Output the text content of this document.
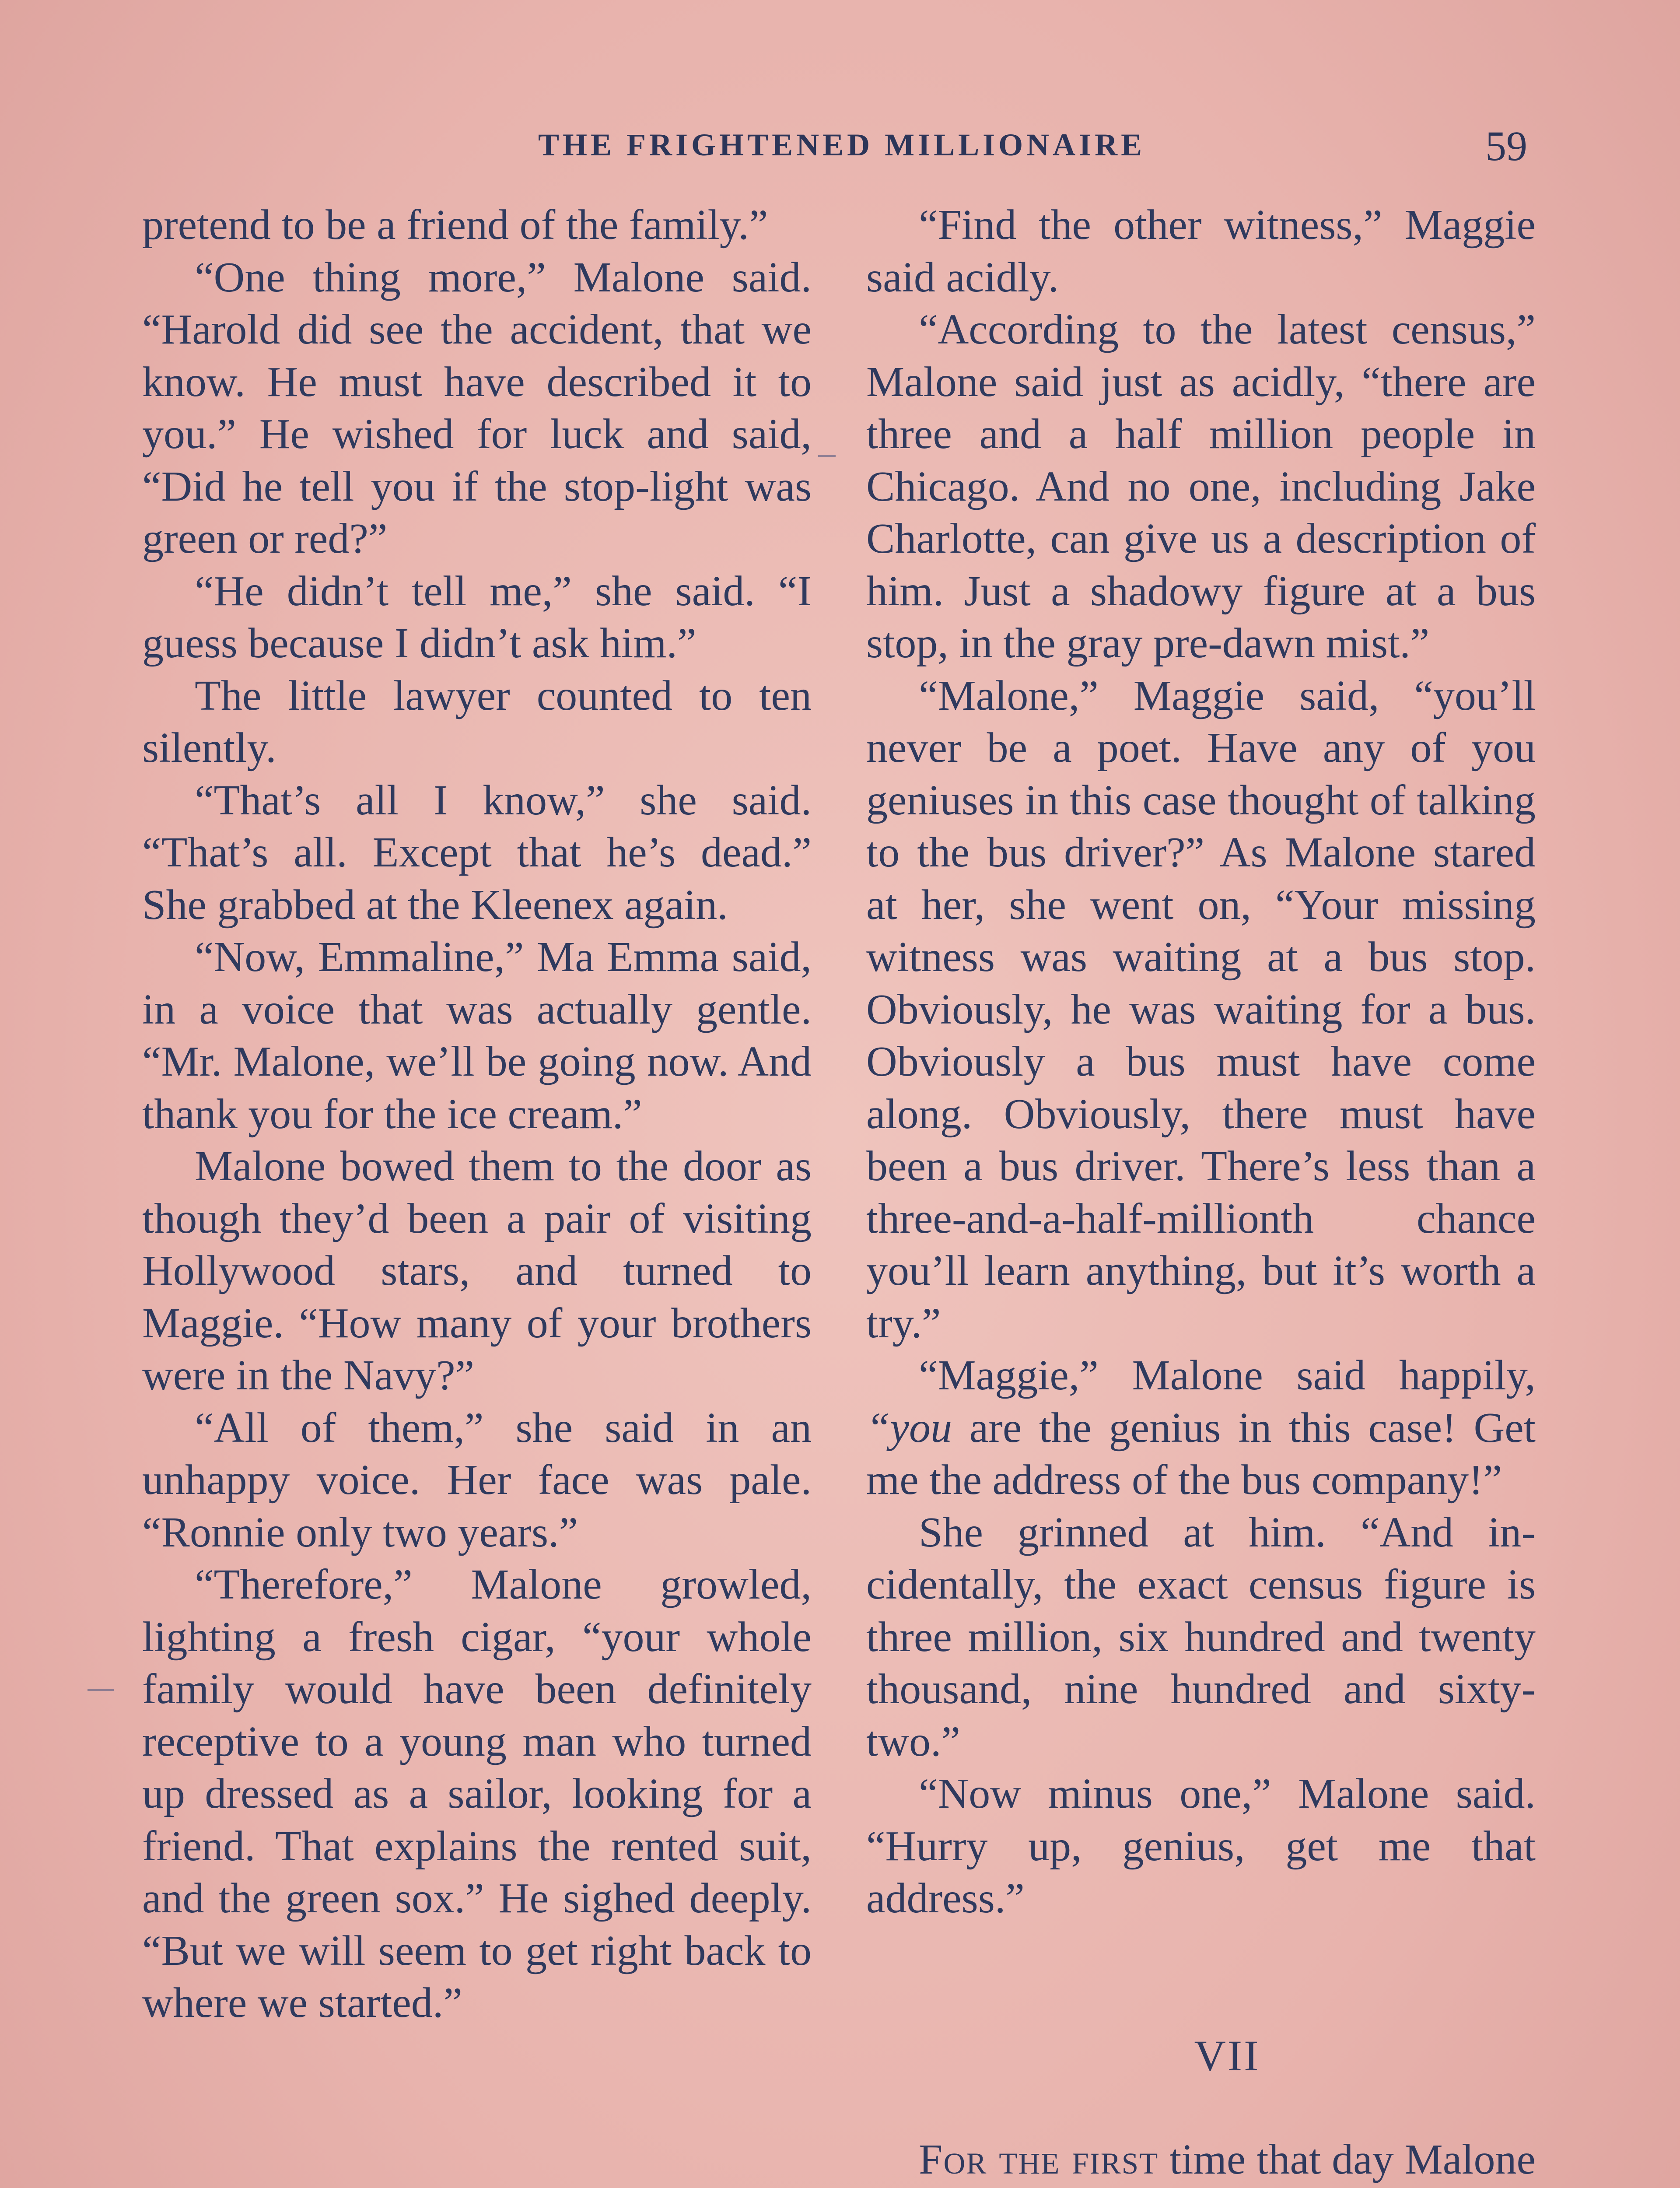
THE FRIGHTENED MILLIONAIRE	59

pretend to be a friend of the family.”

“One thing more,” Malone said. “Harold did see the accident, that we know. He must have described it to you.” He wished for luck and said, “Did he tell you if the stop-light was green or red?”

“He didn’t tell me,” she said. “I guess because I didn’t ask him.”

The little lawyer counted to ten silently.

“That’s all I know,” she said. “That’s all. Except that he’s dead.” She grabbed at the Kleenex again.

“Now, Emmaline,” Ma Emma said, in a voice that was actually gentle. “Mr. Malone, we’ll be going now. And thank you for the ice cream.”

Malone bowed them to the door as though they’d been a pair of visiting Hollywood stars, and turned to Maggie. “How many of your brothers were in the Navy?”

“All of them,” she said in an unhappy voice. Her face was pale. “Ronnie only two years.”

“Therefore,” Malone growled, lighting a fresh cigar, “your whole family would have been definitely receptive to a young man who turned up dressed as a sailor, looking for a friend. That explains the rented suit, and the green sox.” He sighed deeply. “But we will seem to get right back to where we started.”

“Find the other witness,” Maggie said acidly.

“According to the latest census,” Malone said just as acidly, “there are three and a half million people in Chicago. And no one, including Jake Charlotte, can give us a description of him. Just a shadowy figure at a bus stop, in the gray pre-dawn mist.”

“Malone,” Maggie said, “you’ll never be a poet. Have any of you geniuses in this case thought of talking to the bus driver?” As Malone stared at her, she went on, “Your missing witness was waiting at a bus stop. Obviously, he was waiting for a bus. Obviously a bus must have come along. Obviously, there must have been a bus driver. There’s less than a three-and-a-half-millionth chance you’ll learn anything, but it’s worth a try.”

“Maggie,” Malone said happily, “you are the genius in this case! Get me the address of the bus company!”

She grinned at him. “And incidentally, the exact census figure is three million, six hundred and twenty thousand, nine hundred and sixty-two.”

“Now minus one,” Malone said. “Hurry up, genius, get me that address.”

VII

For the first time that day Malone
